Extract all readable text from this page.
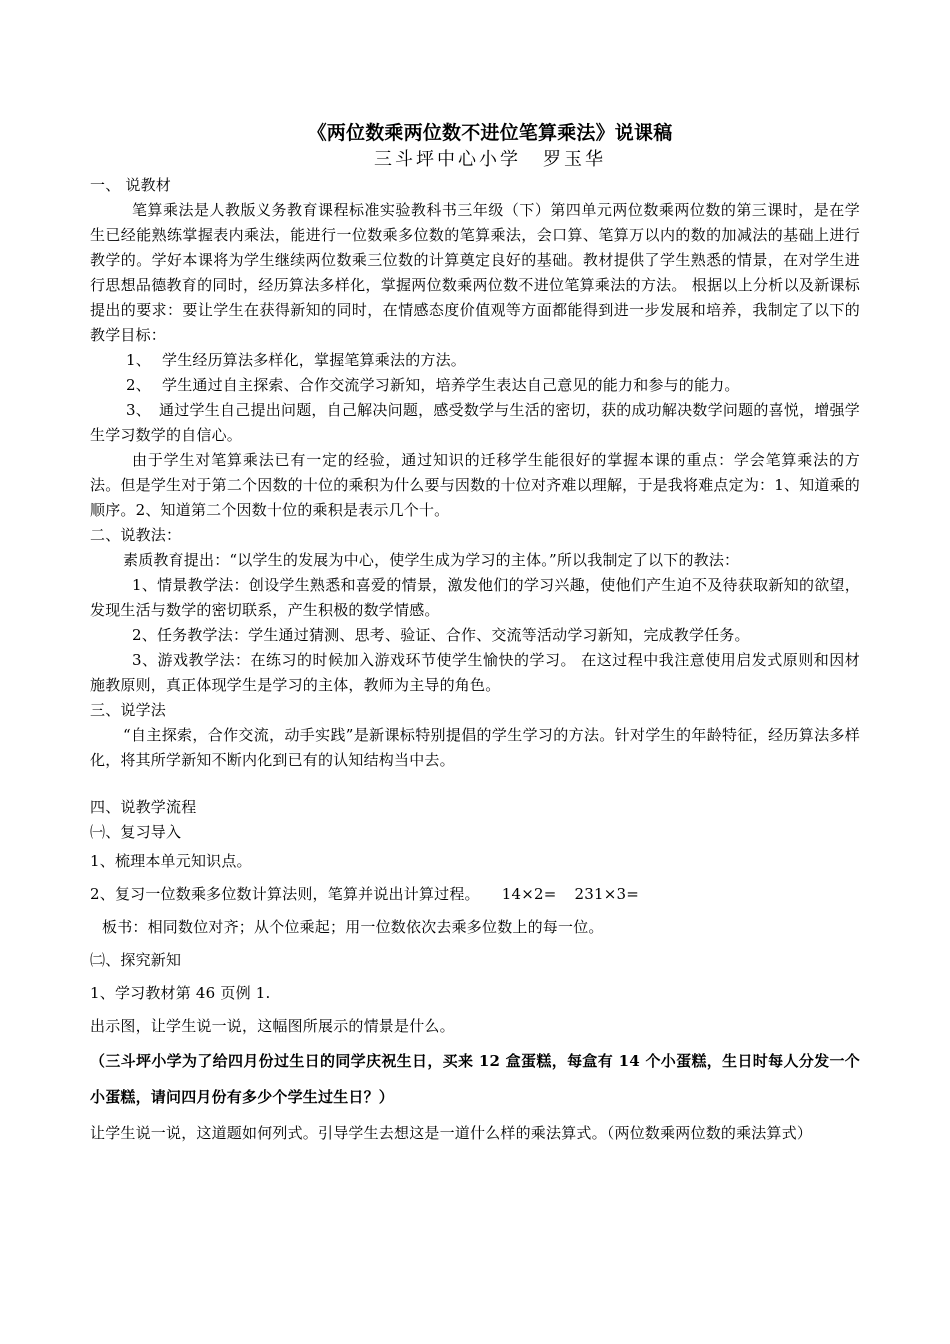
《两位数乘两位数不进位笔算乘法》说课稿
三斗坪中心小学 罗玉华

一、 说教材

笔算乘法是人教版义务教育课程标准实验教科书三年级（下）第四单元两位数乘两位数的第三课时，是在学生已经能熟练掌握表内乘法，能进行一位数乘多位数的笔算乘法，会口算、笔算万以内的数的加减法的基础上进行教学的。学好本课将为学生继续两位数乘三位数的计算奠定良好的基础。教材提供了学生熟悉的情景，在对学生进行思想品德教育的同时，经历算法多样化，掌握两位数乘两位数不进位笔算乘法的方法。 根据以上分析以及新课标提出的要求：要让学生在获得新知的同时，在情感态度价值观等方面都能得到进一步发展和培养，我制定了以下的教学目标：

1、 学生经历算法多样化，掌握笔算乘法的方法。

2、 学生通过自主探索、合作交流学习新知，培养学生表达自己意见的能力和参与的能力。

3、 通过学生自己提出问题，自己解决问题，感受数学与生活的密切，获的成功解决数学问题的喜悦，增强学生学习数学的自信心。

由于学生对笔算乘法已有一定的经验，通过知识的迁移学生能很好的掌握本课的重点：学会笔算乘法的方法。但是学生对于第二个因数的十位的乘积为什么要与因数的十位对齐难以理解，于是我将难点定为：1、知道乘的顺序。2、知道第二个因数十位的乘积是表示几个十。

二、说教法：

素质教育提出：“以学生的发展为中心，使学生成为学习的主体。”所以我制定了以下的教法：

1、情景教学法：创设学生熟悉和喜爱的情景，激发他们的学习兴趣，使他们产生迫不及待获取新知的欲望，发现生活与数学的密切联系，产生积极的数学情感。

2、任务教学法：学生通过猜测、思考、验证、合作、交流等活动学习新知，完成教学任务。

3、游戏教学法：在练习的时候加入游戏环节使学生愉快的学习。 在这过程中我注意使用启发式原则和因材施教原则，真正体现学生是学习的主体，教师为主导的角色。

三、说学法

“自主探索，合作交流，动手实践”是新课标特别提倡的学生学习的方法。针对学生的年龄特征，经历算法多样化，将其所学新知不断内化到已有的认知结构当中去。

四、说教学流程

㈠、复习导入

1、梳理本单元知识点。

2、复习一位数乘多位数计算法则，笔算并说出计算过程。 14×2= 231×3=

板书：相同数位对齐；从个位乘起；用一位数依次去乘多位数上的每一位。

㈡、探究新知

1、学习教材第 46 页例 1.

出示图，让学生说一说，这幅图所展示的情景是什么。

（三斗坪小学为了给四月份过生日的同学庆祝生日，买来 12 盒蛋糕，每盒有 14 个小蛋糕，生日时每人分发一个小蛋糕，请问四月份有多少个学生过生日？）

让学生说一说，这道题如何列式。引导学生去想这是一道什么样的乘法算式。（两位数乘两位数的乘法算式）
